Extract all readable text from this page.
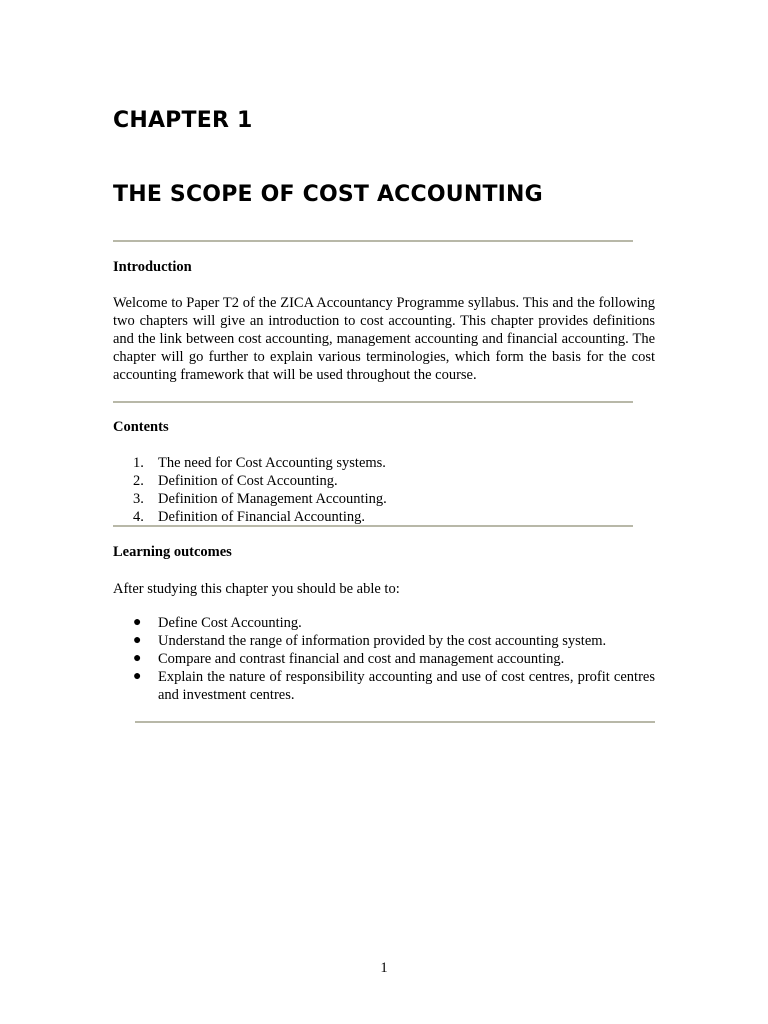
CHAPTER 1
THE SCOPE OF COST ACCOUNTING
Introduction

Welcome to Paper T2 of the ZICA Accountancy Programme syllabus. This and the following two chapters will give an introduction to cost accounting. This chapter provides definitions and the link between cost accounting, management accounting and financial accounting. The chapter will go further to explain various terminologies, which form the basis for the cost accounting framework that will be used throughout the course.

Contents
1. The need for Cost Accounting systems.
2. Definition of Cost Accounting.
3. Definition of Management Accounting.
4. Definition of Financial Accounting.
Learning outcomes

After studying this chapter you should be able to:

● Define Cost Accounting.
● Understand the range of information provided by the cost accounting system.
● Compare and contrast financial and cost and management accounting.
● Explain the nature of responsibility accounting and use of cost centres, profit centres and investment centres.

1
